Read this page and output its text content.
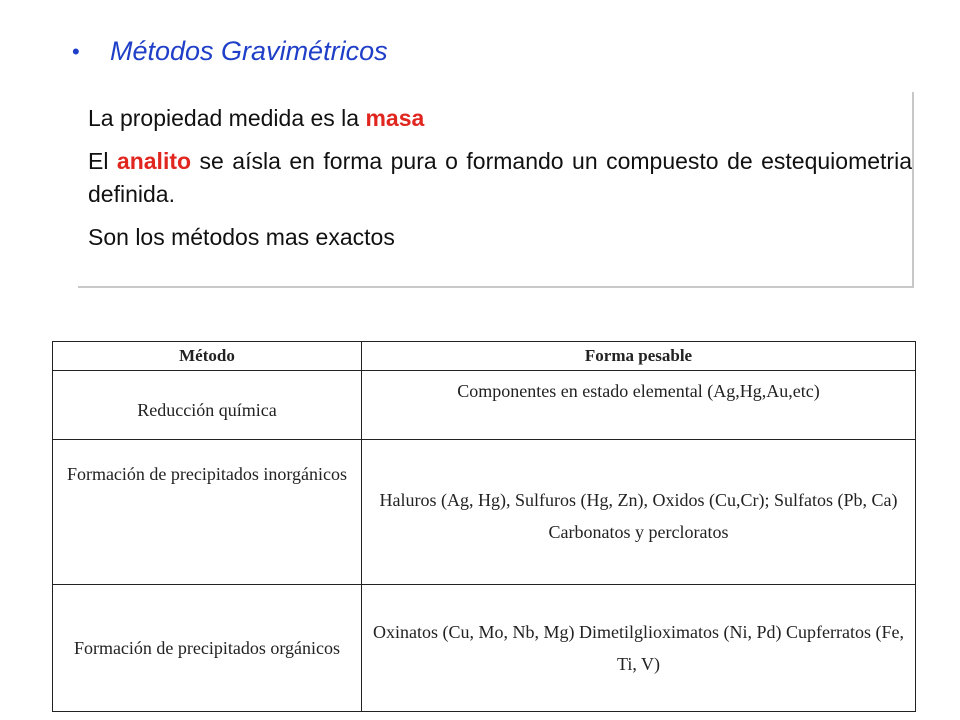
•	Métodos Gravimétricos

La propiedad medida es la masa

El analito se aísla en forma pura o formando un compuesto de estequiometria definida.

Son los métodos mas exactos

Método	Forma pesable
Reducción química	Componentes en estado elemental (Ag,Hg,Au,etc)

Formación de precipitados inorgánicos	Haluros (Ag, Hg), Sulfuros (Hg, Zn), Oxidos (Cu,Cr); Sulfatos (Pb, Ca) Carbonatos y percloratos

Formación de precipitados orgánicos	Oxinatos (Cu, Mo, Nb, Mg) Dimetilglioximatos (Ni, Pd) Cupferratos (Fe, Ti, V)
